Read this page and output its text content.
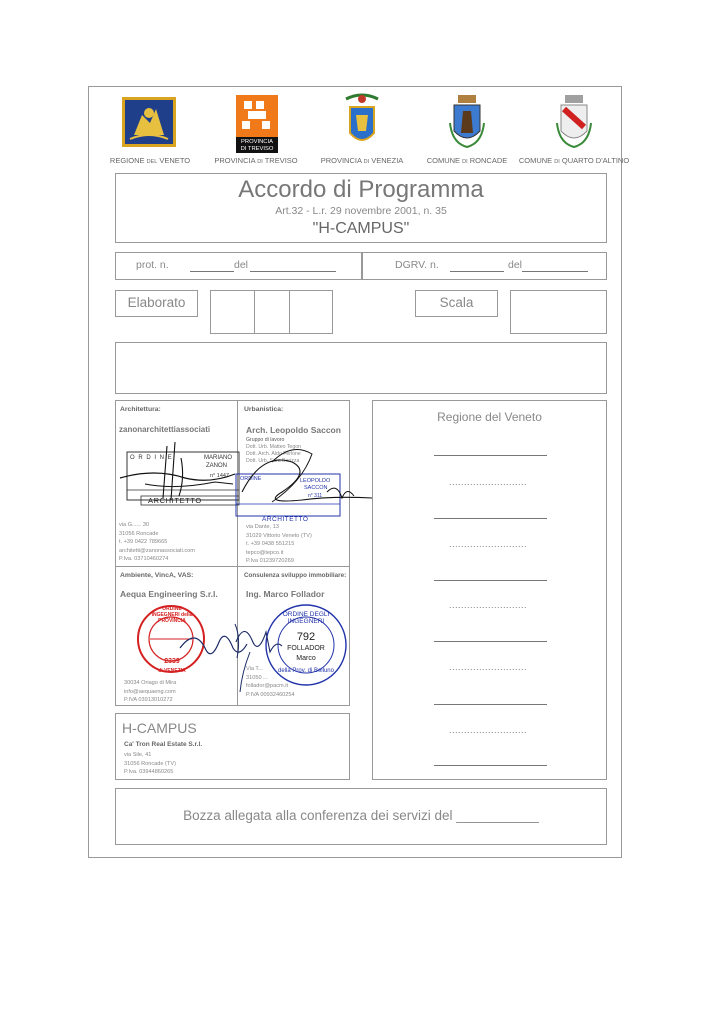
REGIONE DEL VENETO
PROVINCIA
DI TREVISO
PROVINCIA DI TREVISO	PROVINCIA DI VENEZIA	COMUNE DI RONCADE	COMUNE DI QUARTO D'ALTINO
Accordo di Programma
Art.32 - L.r. 29 novembre 2001, n. 35
"H-CAMPUS"
prot. n.	del	DGRV. n.	del
Elaborato	Scala
Architettura:
zanonarchitettiassociati
O R D I N E	MARIANO
ZANON
n° 1447
ARCHITETTO
via G...... 30
31056 Roncade
t. +39 0422 789665
architetti@zanonassociati.com
P.Iva. 03710460274
Urbanistica:
Arch. Leopoldo Saccon
Gruppo di lavoro
Dott. Urb. Matteo Tegon
Dott. Arch. Aldo Ferlone
Dott. Urb. Sara Barizza
ORDINE	LEOPOLDO
SACCON
n° 311
ARCHITETTO
via Dante, 13
31029 Vittorio Veneto (TV)
t. +39 0438 551215
tepco@tepco.it
P.Iva 01239720269
Ambiente, VincA, VAS:
Aequa Engineering S.r.l.
ORDINE INGEGNERI della PROVINCIA
di VENEZIA
2339
30034 Oriago di Mira
info@aequaeng.com
P.IVA 03913010272
Consulenza sviluppo immobiliare:
Ing. Marco Follador
ORDINE DEGLI INGEGNERI
792
FOLLADOR
Marco
della Prov. di Belluno
Via T...
31050 ...
follador@pacm.it
P.IVA 00932460254
H-CAMPUS
Ca' Tron Real Estate S.r.l.
via Sile, 41
31056 Roncade (TV)
P.Iva. 03944860265
Regione del Veneto
..........................
..........................
..........................
..........................
..........................
Bozza allegata alla conferenza dei servizi del ___________
